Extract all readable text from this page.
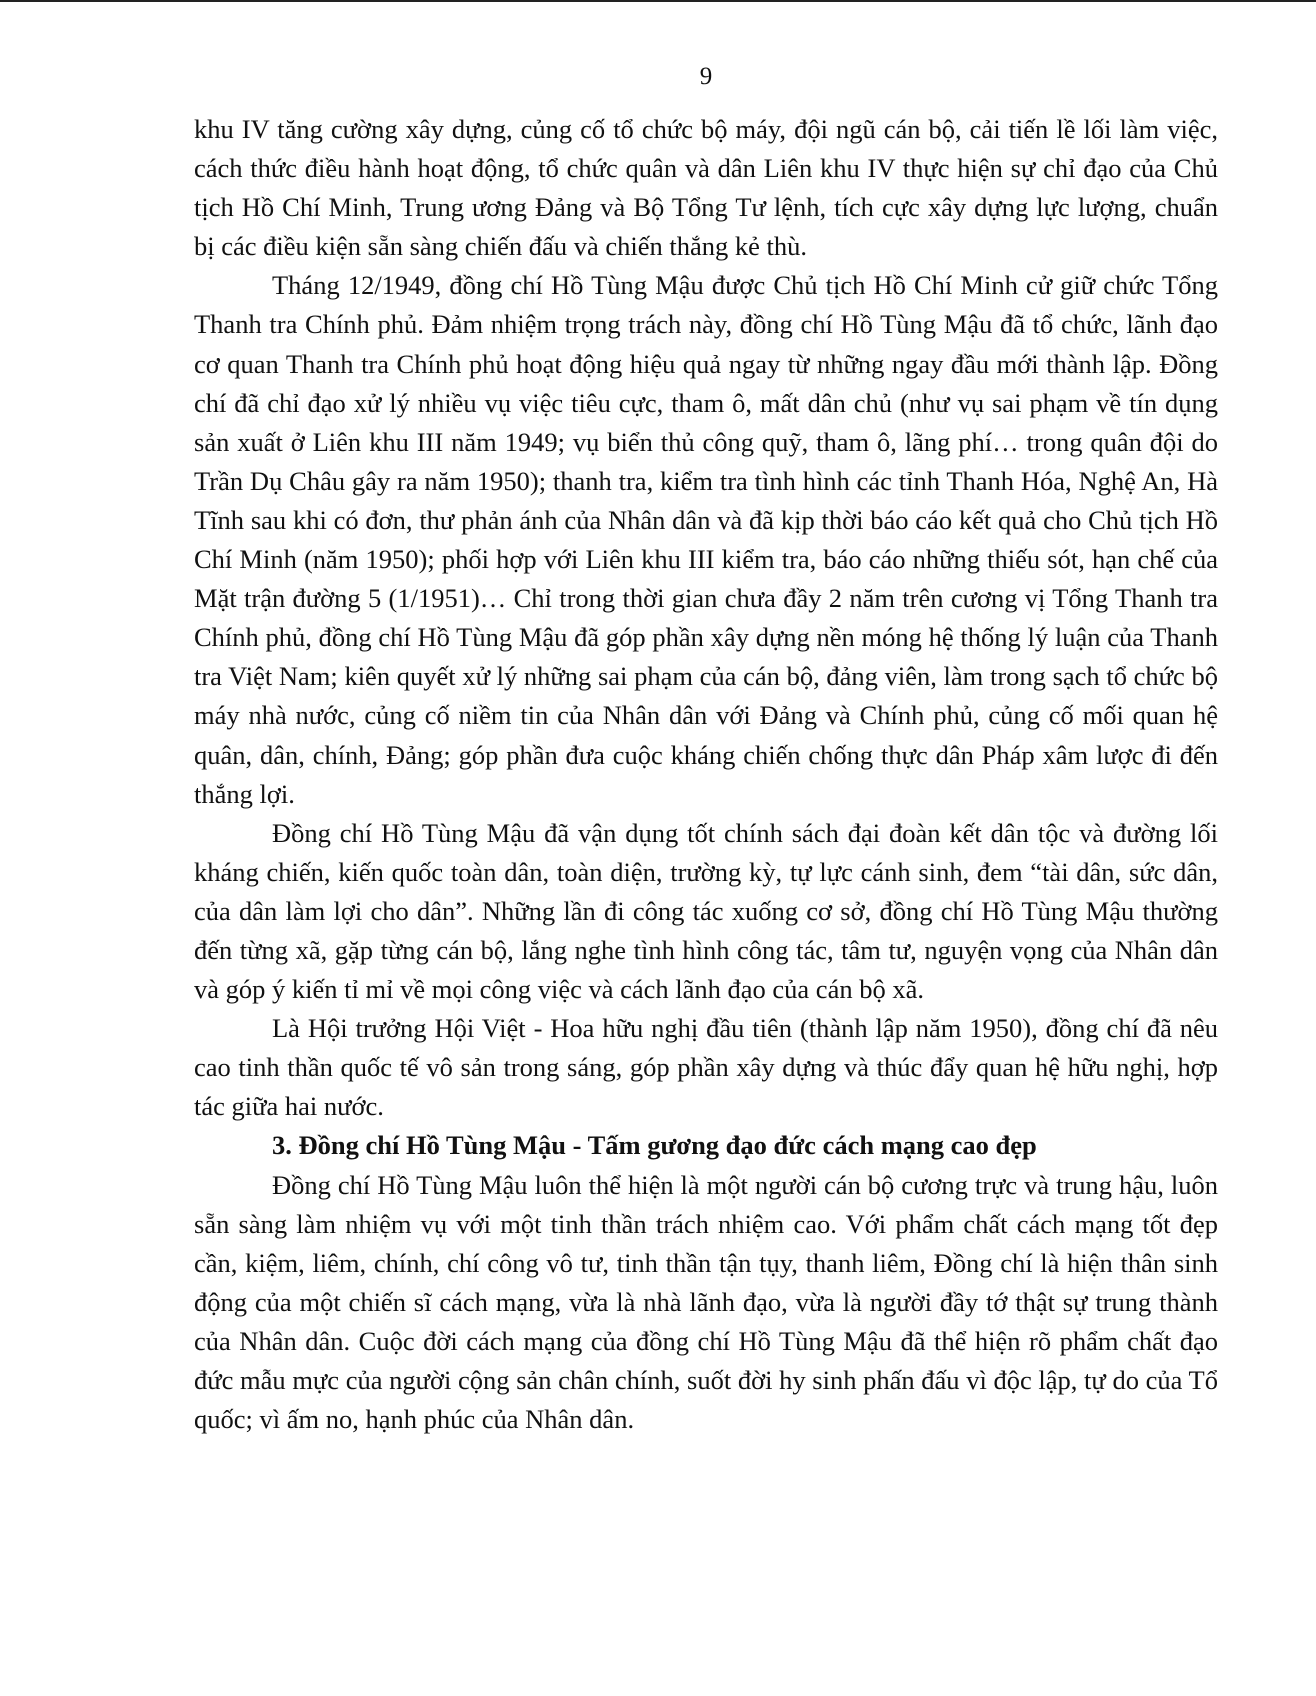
9

khu IV tăng cường xây dựng, củng cố tổ chức bộ máy, đội ngũ cán bộ, cải tiến lề lối làm việc, cách thức điều hành hoạt động, tổ chức quân và dân Liên khu IV thực hiện sự chỉ đạo của Chủ tịch Hồ Chí Minh, Trung ương Đảng và Bộ Tổng Tư lệnh, tích cực xây dựng lực lượng, chuẩn bị các điều kiện sẵn sàng chiến đấu và chiến thắng kẻ thù.

Tháng 12/1949, đồng chí Hồ Tùng Mậu được Chủ tịch Hồ Chí Minh cử giữ chức Tổng Thanh tra Chính phủ. Đảm nhiệm trọng trách này, đồng chí Hồ Tùng Mậu đã tổ chức, lãnh đạo cơ quan Thanh tra Chính phủ hoạt động hiệu quả ngay từ những ngay đầu mới thành lập. Đồng chí đã chỉ đạo xử lý nhiều vụ việc tiêu cực, tham ô, mất dân chủ (như vụ sai phạm về tín dụng sản xuất ở Liên khu III năm 1949; vụ biển thủ công quỹ, tham ô, lãng phí… trong quân đội do Trần Dụ Châu gây ra năm 1950); thanh tra, kiểm tra tình hình các tỉnh Thanh Hóa, Nghệ An, Hà Tĩnh sau khi có đơn, thư phản ánh của Nhân dân và đã kịp thời báo cáo kết quả cho Chủ tịch Hồ Chí Minh (năm 1950); phối hợp với Liên khu III kiểm tra, báo cáo những thiếu sót, hạn chế của Mặt trận đường 5 (1/1951)… Chỉ trong thời gian chưa đầy 2 năm trên cương vị Tổng Thanh tra Chính phủ, đồng chí Hồ Tùng Mậu đã góp phần xây dựng nền móng hệ thống lý luận của Thanh tra Việt Nam; kiên quyết xử lý những sai phạm của cán bộ, đảng viên, làm trong sạch tổ chức bộ máy nhà nước, củng cố niềm tin của Nhân dân với Đảng và Chính phủ, củng cố mối quan hệ quân, dân, chính, Đảng; góp phần đưa cuộc kháng chiến chống thực dân Pháp xâm lược đi đến thắng lợi.

Đồng chí Hồ Tùng Mậu đã vận dụng tốt chính sách đại đoàn kết dân tộc và đường lối kháng chiến, kiến quốc toàn dân, toàn diện, trường kỳ, tự lực cánh sinh, đem “tài dân, sức dân, của dân làm lợi cho dân”. Những lần đi công tác xuống cơ sở, đồng chí Hồ Tùng Mậu thường đến từng xã, gặp từng cán bộ, lắng nghe tình hình công tác, tâm tư, nguyện vọng của Nhân dân và góp ý kiến tỉ mỉ về mọi công việc và cách lãnh đạo của cán bộ xã.

Là Hội trưởng Hội Việt - Hoa hữu nghị đầu tiên (thành lập năm 1950), đồng chí đã nêu cao tinh thần quốc tế vô sản trong sáng, góp phần xây dựng và thúc đẩy quan hệ hữu nghị, hợp tác giữa hai nước.

3. Đồng chí Hồ Tùng Mậu - Tấm gương đạo đức cách mạng cao đẹp

Đồng chí Hồ Tùng Mậu luôn thể hiện là một người cán bộ cương trực và trung hậu, luôn sẵn sàng làm nhiệm vụ với một tinh thần trách nhiệm cao. Với phẩm chất cách mạng tốt đẹp cần, kiệm, liêm, chính, chí công vô tư, tinh thần tận tụy, thanh liêm, Đồng chí là hiện thân sinh động của một chiến sĩ cách mạng, vừa là nhà lãnh đạo, vừa là người đầy tớ thật sự trung thành của Nhân dân. Cuộc đời cách mạng của đồng chí Hồ Tùng Mậu đã thể hiện rõ phẩm chất đạo đức mẫu mực của người cộng sản chân chính, suốt đời hy sinh phấn đấu vì độc lập, tự do của Tổ quốc; vì ấm no, hạnh phúc của Nhân dân.
